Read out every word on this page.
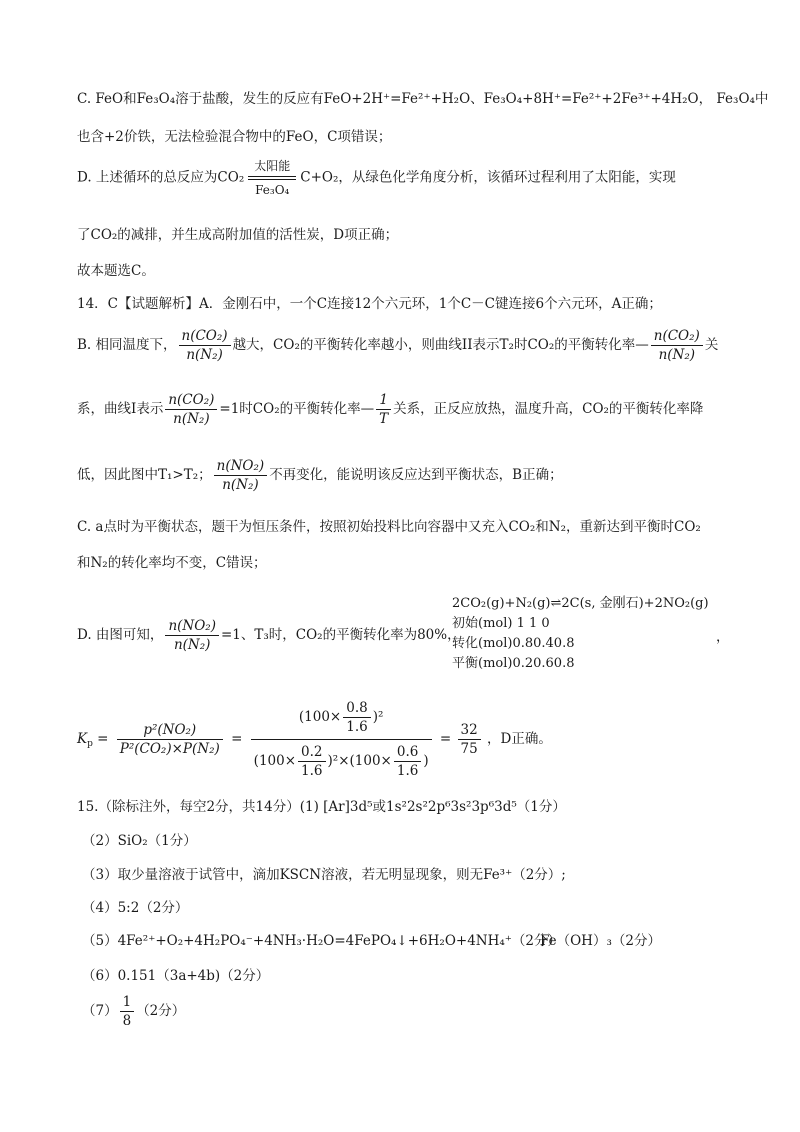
C. FeO和Fe₃O₄溶于盐酸，发生的反应有FeO+2H⁺=Fe²⁺+H₂O、Fe₃O₄+8H⁺=Fe²⁺+2Fe³⁺+4H₂O， Fe₃O₄中
也含+2价铁，无法检验混合物中的FeO，C项错误；
D. 上述循环的总反应为CO₂
太阳能
Fe₃O₄
C+O₂，从绿色化学角度分析，该循环过程利用了太阳能，实现
了CO₂的减排，并生成高附加值的活性炭，D项正确；
故本题选C。
14．C【试题解析】A．金刚石中，一个C连接12个六元环，1个C－C键连接6个六元环，A正确；
B. 相同温度下， $\frac{\text{n(CO₂)}}{\text{n(N₂)}}$ 越大，CO₂的平衡转化率越小，则曲线II表示T₂时CO₂的平衡转化率— $\frac{\text{n(CO₂)}}{\text{n(N₂)}}$ 关
系，曲线I表示 $\frac{\text{n(CO₂)}}{\text{n(N₂)}} =1$时CO₂的平衡转化率— $\frac{1}{T}$ 关系，正反应放热，温度升高，CO₂的平衡转化率降
低，因此图中T₁>T₂； $\frac{\text{n(NO₂)}}{\text{n(N₂)}}$ 不再变化，能说明该反应达到平衡状态，B正确；
C. a点时为平衡状态，题干为恒压条件，按照初始投料比向容器中又充入CO₂和N₂，重新达到平衡时CO₂
和N₂的转化率均不变，C错误；
D. 由图可知， $\frac{\text{n(NO₂)}}{\text{n(N₂)}} =1$、T₃时，CO₂的平衡转化率为80%，
2CO₂(g)+N₂(g)⇌2C(s, 金刚石)+2NO₂(g)
初始(mol) 1 1 0
转化(mol)0.80.40.8
平衡(mol)0.20.60.8
，
$K_p = \frac{\text{p²(NO₂)}}{\text{P²(CO₂)×P(N₂)}} = \frac{(100\times \frac{0.8}{1.6} )^2}{(100\times \frac{0.2}{1.6} )^2\times(100\times \frac{0.6}{1.6} )} = \frac{32}{75}$ ，D正确。
15.（除标注外，每空2分，共14分）(1) [Ar]3d⁵或1s²2s²2p⁶3s²3p⁶3d⁵（1分）
（2）SiO₂（1分）
（3）取少量溶液于试管中，滴加KSCN溶液，若无明显现象，则无Fe³⁺（2分）;
（4）5:2（2分）
（5）4Fe²⁺+O₂+4H₂PO₄⁻+4NH₃·H₂O=4FePO₄↓+6H₂O+4NH₄⁺（2分）
Fe（OH）₃（2分）
（6）0.151（3a+4b)（2分）
$(7) \frac{1}{8} (2$分）
